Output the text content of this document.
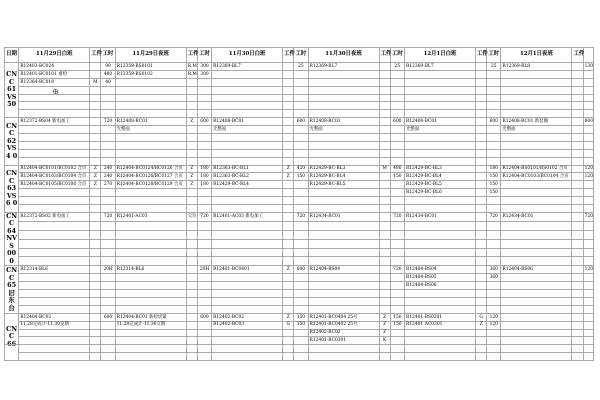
日期	11月29日白班	工件	工时	11月29日夜班	工件	工时	11月30日白班	工件	工时	11月30日夜班	工件	工时	12月1日白班	工件	工时	12月1日夜班	工件	
CNC 61 VS 50	R12403-BC024		90	R12358-BS0101	R.M	300	R12369-BL7		25	R12369-BL7		25	R12369-BL7		25	R12369-BL8		130
	R12401-BC0101 重检		480	R12358-BS0102	R.M	300												
	R12364-BC018	M	40															

CNC 62 VS4 0	R12372-BS04 新电加工		720	R12408-BC01	Z	600	R12408-BC01		600	R12408-BC01		600	R12408-BC01		600	R12408-BC01 新套圈		600
				光整面			光整面			光整面			光整面			光整面		

CNC 63 VS6 0	R12404-BC0101/BC0102 合页	Z	240	R12404-BC0124/BC0126 合页	Z	180	R12363-BC-BL1	Z	420	R12429-BC-BL3	M	480	R12429-BC-BL3		180	R12404-BS0101/BS0102 合页		120
	R12404-BC0103/BC0104 合页	Z	240	R12404-BC0126/BC0127 合页	Z	180	R12363-BC-BL2	Z	150	R12429-BC-BL4		150	R12429-BC-BL4		150	R12404-BC0103/BC0104 合页		120
	R12404-BC0105/BC0106 合页	Z	270	R12404-BC0128/BC0129 合页	Z	180	R12429-BC-BL4			R12429-BC-BL5			R12429-BC-BL5		150			
													R12429-BC-BL6		150			

CNC 64 NVS 000	R12372-BS02 新电加工		720	R12401-AC03	欠位	720	R12401-AC03 新电加工		720	R12434-BC01		720	R12434-BC01		720	R12434-BC01		720

CNC 65 旧 东 台	R12314-BL6		20H	R12314-BL6		20H	R12401-BC0401	Z	600	R12404-BS04		720	R12404-BS04		360	R12404-BS06		120
													R12404-BS05		360			
													R12404-BS06					

CNC 66	R12404-BC02		600	R12404-BC01 新检切紧		600	R12402-BC02	Z	150	R12401-BC0404 25号	Z	150	R12401-BS0201	G	120			
	11.28完成计-11.30交期			11.28完成计-11.30交期			R12402-BC03	G	150	R12401-BC0402 25号	Z	150	R12401-AC0301	Z	120			
										R12402-BC02	Z							
										R12401-BC0301	K							
